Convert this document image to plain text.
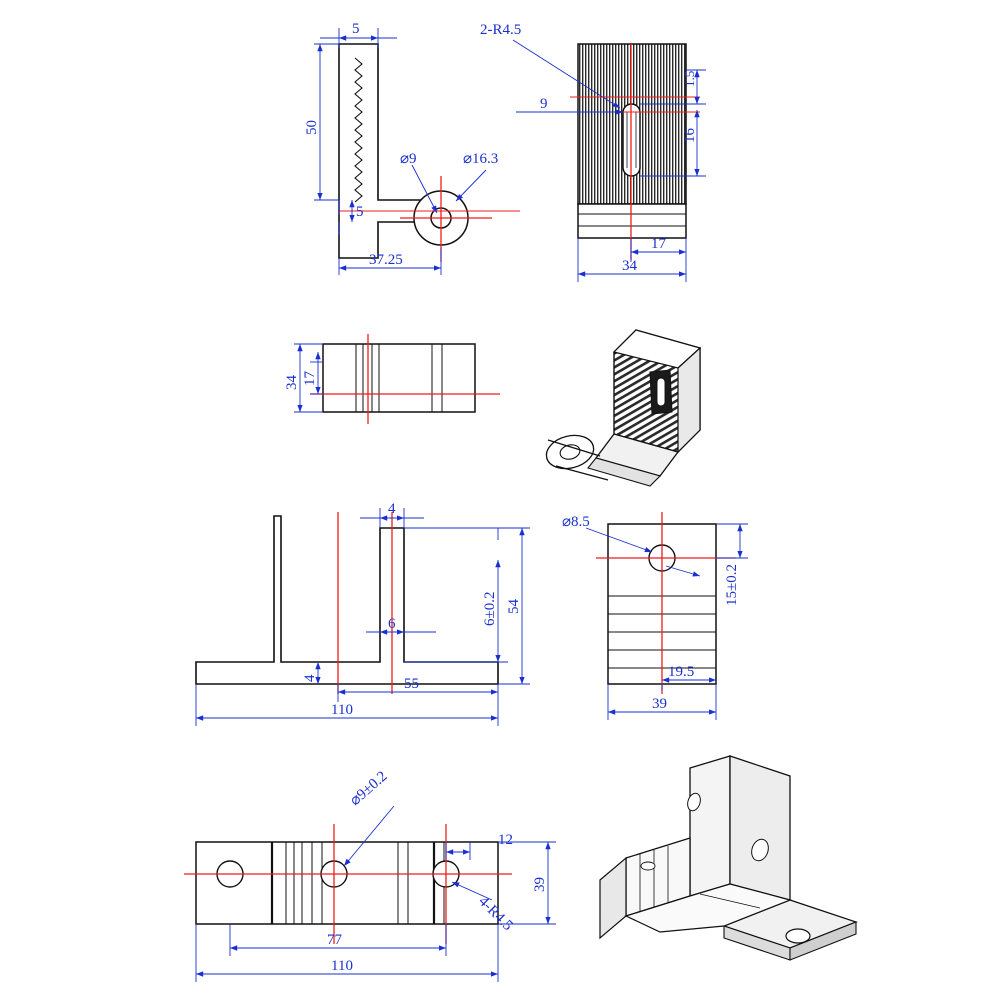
5
50
5
⌀9	⌀16.3
37.25
2-R4.5
1.5
16
9
17
34
34 17
4
54
6±0.2
6
4	55
110
⌀8.5
15±0.2
19.5
39
⌀9±0.2
12
4-R4.5
39
77
110
